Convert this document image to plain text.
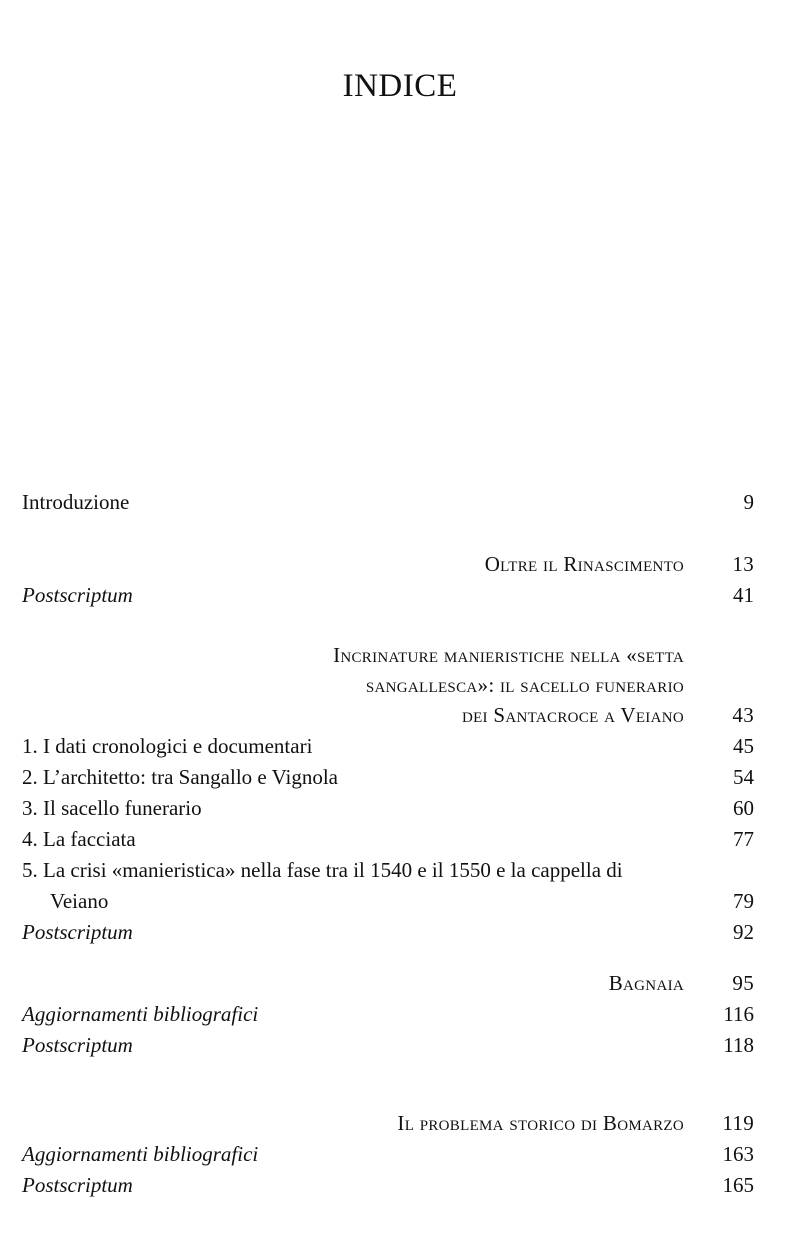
INDICE
Introduzione	9
Oltre il Rinascimento 13
Postscriptum	41
Incrinature manieristiche nella «setta
sangallesca»: il sacello funerario
dei Santacroce a Veiano 43
1. I dati cronologici e documentari	45
2. L’architetto: tra Sangallo e Vignola	54
3. Il sacello funerario	60
4. La facciata	77
5. La crisi «manieristica» nella fase tra il 1540 e il 1550 e la cappella di
Veiano	79
Postscriptum	92
Bagnaia 95
Aggiornamenti bibliografici	116
Postscriptum	118
Il problema storico di Bomarzo 119
Aggiornamenti bibliografici	163
Postscriptum	165
